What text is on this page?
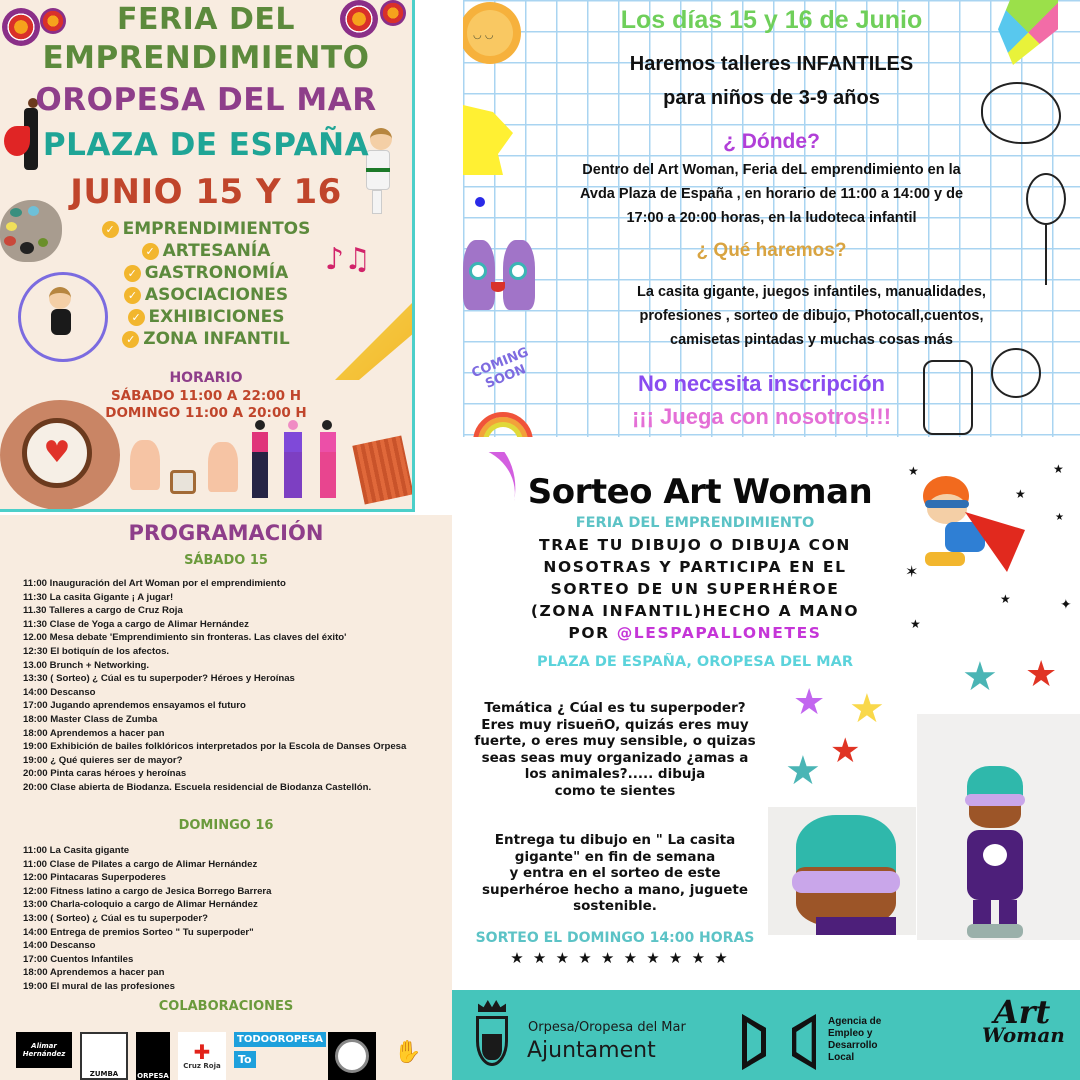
♪♫
♥
FERIA DEL
EMPRENDIMIENTO
OROPESA DEL MAR
PLAZA DE ESPAÑA
JUNIO 15 Y 16
✓ EMPRENDIMIENTOS
✓ ARTESANÍA
✓ GASTRONOMÍA
✓ ASOCIACIONES
✓ EXHIBICIONES
✓ ZONA INFANTIL
HORARIO
SÁBADO 11:00 A 22:00 H
DOMINGO 11:00 A 20:00 H
◡ ◡
COMING SOON
Los días 15 y 16 de Junio
Haremos talleres INFANTILES
para niños de 3-9 años
¿ Dónde?
Dentro del Art Woman, Feria deL emprendimiento en la
Avda Plaza de España , en horario de 11:00 a 14:00 y de
17:00 a 20:00 horas, en la ludoteca infantil
¿ Qué haremos?
La casita gigante, juegos infantiles, manualidades,
profesiones , sorteo de dibujo, Photocall,cuentos,
camisetas pintadas y muchas cosas más
No necesita inscripción
¡¡¡ Juega con nosotros!!!
PROGRAMACIÓN
SÁBADO 15
11:00 Inauguración del Art Woman por el emprendimiento
11:30 La casita Gigante ¡ A jugar!
11.30 Talleres a cargo de Cruz Roja
11:30 Clase de Yoga a cargo de Alimar Hernández
12.00 Mesa debate 'Emprendimiento sin fronteras. Las claves del éxito'
12:30 El botiquín de los afectos.
13.00 Brunch + Networking.
13:30 ( Sorteo) ¿ Cúal es tu superpoder? Héroes y Heroínas
14:00 Descanso
17:00 Jugando aprendemos ensayamos el futuro
18:00 Master Class de Zumba
18:00 Aprendemos a hacer pan
19:00 Exhibición de bailes folklóricos interpretados por la Escola de Danses Orpesa
19:00 ¿ Qué quieres ser de mayor?
20:00 Pinta caras héroes y heroínas
20:00 Clase abierta de Biodanza. Escuela residencial de Biodanza Castellón.
DOMINGO 16
11:00 La Casita gigante
11:00 Clase de Pilates a cargo de Alimar Hernández
12:00 Pintacaras Superpoderes
12:00 Fitness latino a cargo de Jesica Borrego Barrera
13:00 Charla-coloquio a cargo de Alimar Hernández
13:00 ( Sorteo) ¿ Cúal es tu superpoder?
14:00 Entrega de premios Sorteo " Tu superpoder"
14:00 Descanso
17:00 Cuentos Infantiles
18:00 Aprendemos a hacer pan
19:00 El mural de las profesiones
COLABORACIONES
Alimar Hernández
ZUMBA	ORPESA
✚
Cruz Roja
TODOOROPESA
To	✋
★	★
★
✶
★
★	✦
★
★ ★
★ ★
★
★
Sorteo Art Woman
FERIA DEL EMPRENDIMIENTO
TRAE TU DIBUJO O DIBUJA CON
NOSOTRAS Y PARTICIPA EN EL
SORTEO DE UN SUPERHÉROE
(ZONA INFANTIL)HECHO A MANO
POR @LESPAPALLONETES
PLAZA DE ESPAÑA, OROPESA DEL MAR
Temática ¿ Cúal es tu superpoder?
Eres muy risueñO, quizás eres muy
fuerte, o eres muy sensible, o quizas
seas seas muy organizado ¿amas a
los animales?..... dibuja
como te sientes
Entrega tu dibujo en " La casita
gigante" en fin de semana
y entra en el sorteo de este
superhéroe hecho a mano, juguete
sostenible.
SORTEO EL DOMINGO 14:00 HORAS
★ ★ ★ ★ ★ ★ ★ ★ ★ ★
Orpesa/Oropesa del Mar
Ajuntament
Agencia de
Empleo y
Desarrollo
Local
Art
Woman
